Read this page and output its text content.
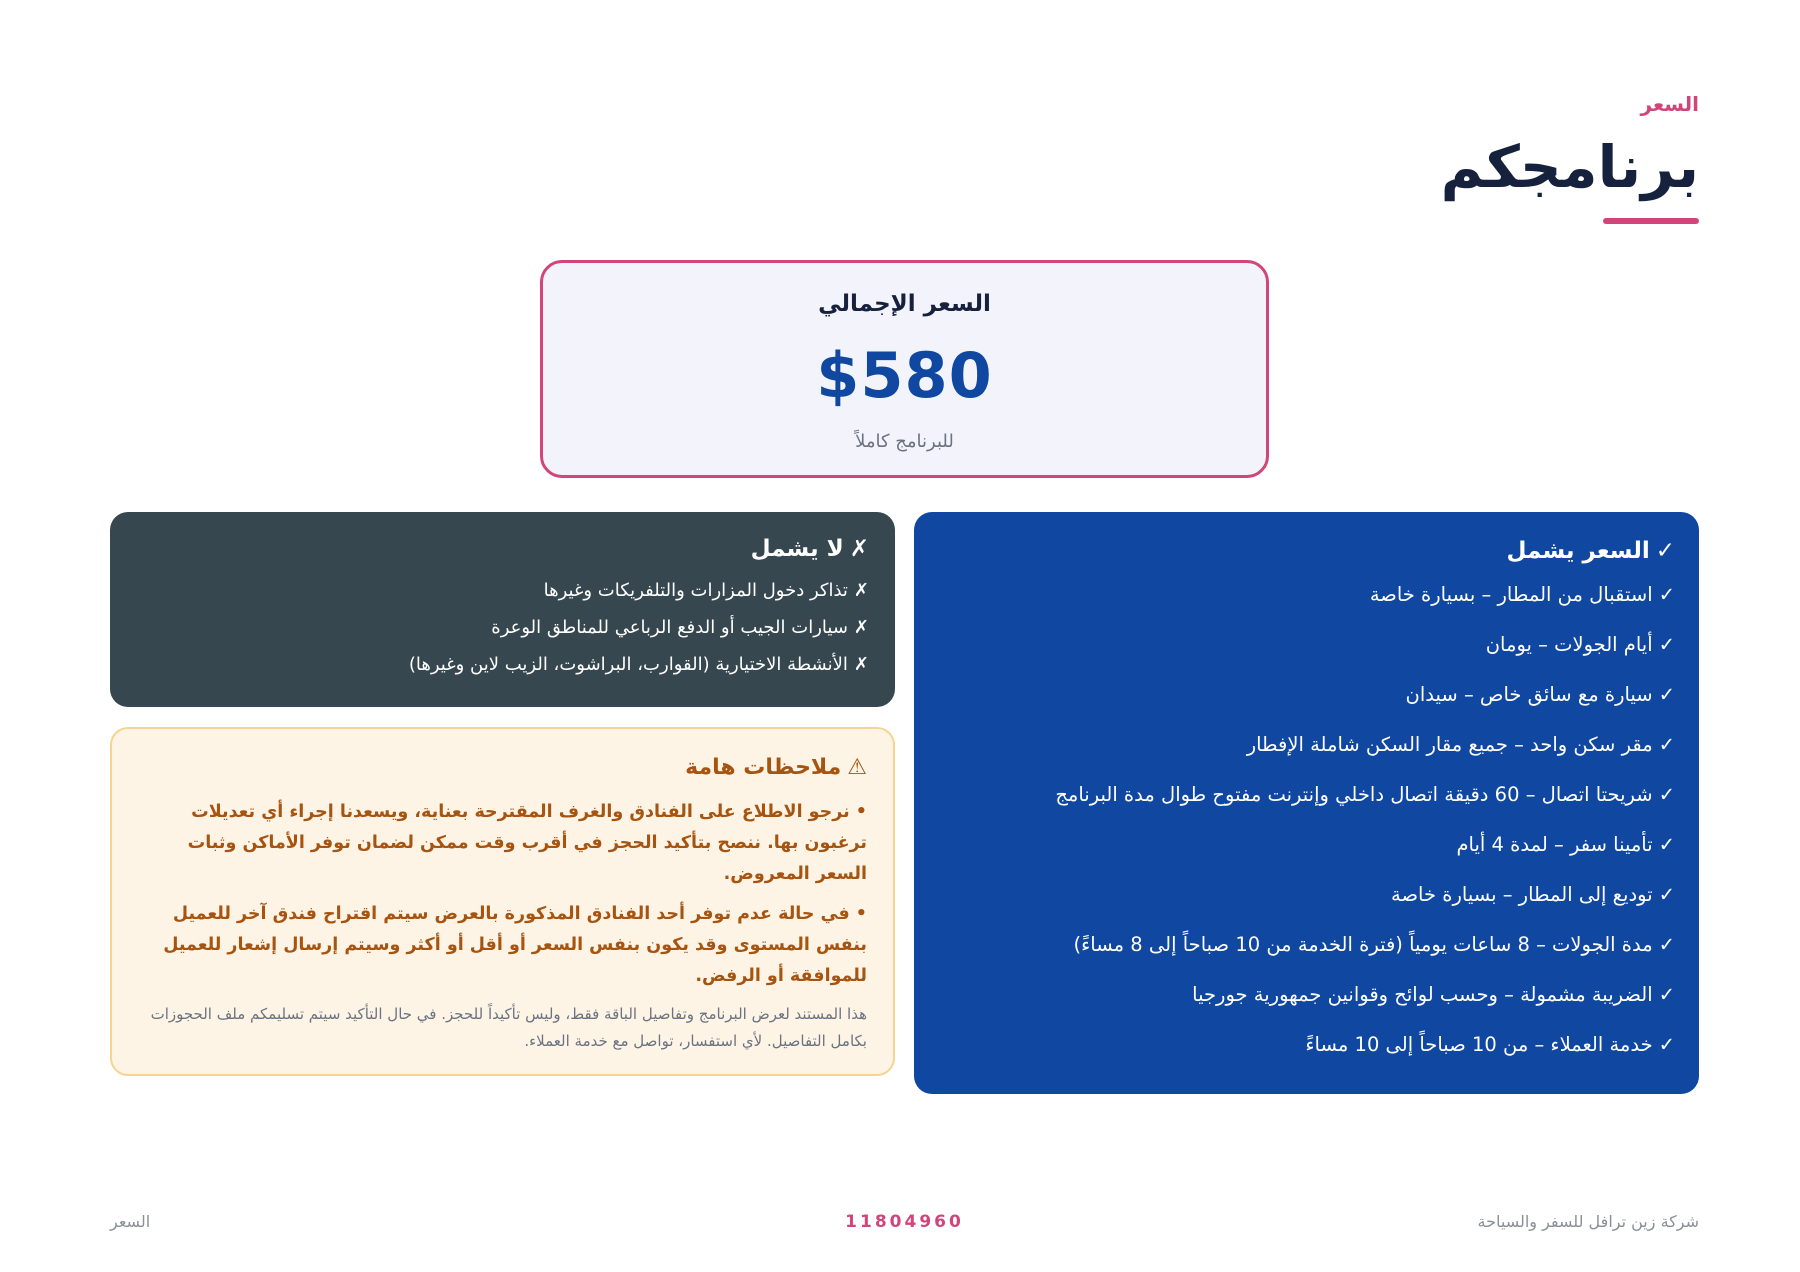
السعر

برنامجكم
السعر الإجمالي
$580
للبرنامج كاملاً
✓السعر يشمل
✓استقبال من المطار – بسيارة خاصة
✓أيام الجولات – يومان
✓سيارة مع سائق خاص – سيدان
✓مقر سكن واحد – جميع مقار السكن شاملة الإفطار
✓شريحتا اتصال – 60 دقيقة اتصال داخلي وإنترنت مفتوح طوال مدة البرنامج
✓تأمينا سفر – لمدة 4 أيام
✓توديع إلى المطار – بسيارة خاصة
✓مدة الجولات – 8 ساعات يومياً (فترة الخدمة من 10 صباحاً إلى 8 مساءً)
✓الضريبة مشمولة – وحسب لوائح وقوانين جمهورية جورجيا
✓خدمة العملاء – من 10 صباحاً إلى 10 مساءً
✗لا يشمل
✗تذاكر دخول المزارات والتلفريكات وغيرها
✗سيارات الجيب أو الدفع الرباعي للمناطق الوعرة
✗الأنشطة الاختيارية (القوارب، البراشوت، الزيب لاين وغيرها)
⚠ملاحظات هامة

• نرجو الاطلاع على الفنادق والغرف المقترحة بعناية، ويسعدنا إجراء أي تعديلات ترغبون بها. ننصح بتأكيد الحجز في أقرب وقت ممكن لضمان توفر الأماكن وثبات السعر المعروض.

• في حالة عدم توفر أحد الفنادق المذكورة بالعرض سيتم اقتراح فندق آخر للعميل بنفس المستوى وقد يكون بنفس السعر أو أقل أو أكثر وسيتم إرسال إشعار للعميل للموافقة أو الرفض.

هذا المستند لعرض البرنامج وتفاصيل الباقة فقط، وليس تأكيداً للحجز. في حال التأكيد سيتم تسليمكم ملف الحجوزات بكامل التفاصيل. لأي استفسار، تواصل مع خدمة العملاء.

شركة زين ترافل للسفر والسياحة
11804960
السعر
